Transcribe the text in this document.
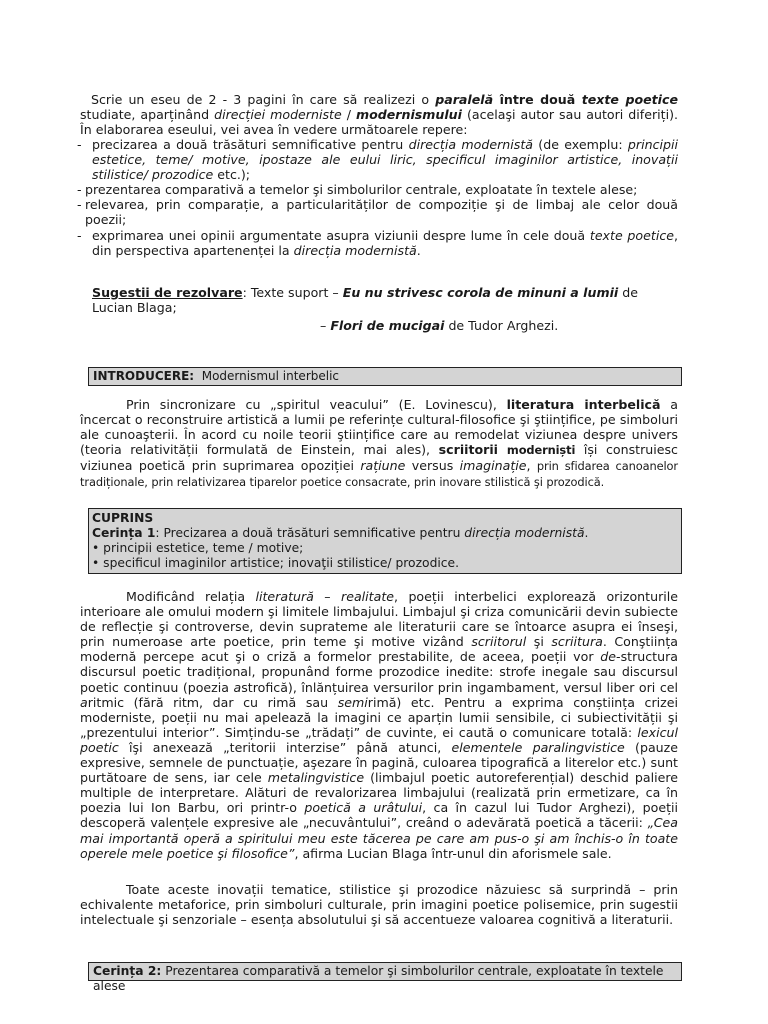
Scrie un eseu de 2 - 3 pagini în care să realizezi o paralelă între două texte poetice studiate, aparținând direcției moderniste / modernismului (acelaşi autor sau autori diferiți). În elaborarea eseului, vei avea în vedere următoarele repere:
- precizarea a două trăsături semnificative pentru direcția modernistă (de exemplu: principii estetice, teme/ motive, ipostaze ale eului liric, specificul imaginilor artistice, inovații stilistice/ prozodice etc.);
- prezentarea comparativă a temelor şi simbolurilor centrale, exploatate în textele alese;
- relevarea, prin comparație, a particularităților de compoziție şi de limbaj ale celor două poezii;
- exprimarea unei opinii argumentate asupra viziunii despre lume în cele două texte poetice, din perspectiva apartenenței la direcția modernistă.
Sugestii de rezolvare: Texte suport – Eu nu strivesc corola de minuni a lumii de Lucian Blaga;
– Flori de mucigai de Tudor Arghezi.
INTRODUCERE: Modernismul interbelic
Prin sincronizare cu „spiritul veacului” (E. Lovinescu), literatura interbelică a încercat o reconstruire artistică a lumii pe referințe cultural-filosofice şi ştiințifice, pe simboluri ale cunoaşterii. În acord cu noile teorii ştiințifice care au remodelat viziunea despre univers (teoria relativității formulată de Einstein, mai ales), scriitorii moderniști își construiesc viziunea poetică prin suprimarea opoziției rațiune versus imaginație, prin sfidarea canoanelor tradiționale, prin relativizarea tiparelor poetice consacrate, prin inovare stilistică şi prozodică.
CUPRINS
Cerința 1: Precizarea a două trăsături semnificative pentru direcția modernistă.
• principii estetice, teme / motive;
• specificul imaginilor artistice; inovaţii stilistice/ prozodice.
Modificând relația literatură – realitate, poeții interbelici explorează orizonturile interioare ale omului modern şi limitele limbajului. Limbajul şi criza comunicării devin subiecte de reflecție şi controverse, devin supratеme ale literaturii care se întoarce asupra ei însеşi, prin numeroase arte poetice, prin teme şi motive vizând scriitorul şi scriitura. Conştiința modernă percepe acut şi o criză a formelor prestabilite, de aceea, poeții vor de-structura discursul poetic tradițional, propunând forme prozodice inedite: strofe inegale sau discursul poetic continuu (poezia astrofică), înlănțuirea versurilor prin ingambament, versul liber ori cel aritmic (fără ritm, dar cu rimă sau semirimă) etc. Pentru a exprima conștiința crizei moderniste, poeții nu mai apelează la imagini ce aparțin lumii sensibile, ci subiectivității şi „prezentului interior”. Simțindu-se „trădați” de cuvinte, ei caută o comunicare totală: lexicul poetic îşi anexează „teritorii interzise” până atunci, elementele paralingvistice (pauze expresive, semnele de punctuație, aşezare în pagină, culoarea tipografică a literelor etc.) sunt purtătoare de sens, iar cele metalingvistice (limbajul poetic autoreferențial) deschid paliere multiple de interpretare. Alături de revalorizarea limbajului (realizată prin ermetizare, ca în poezia lui Ion Barbu, ori printr-o poetică a urâtului, ca în cazul lui Tudor Arghezi), poeții descoperă valențele expresive ale „necuvântului”, creând o adevărată poetică a tăcerii: „Cea mai importantă operă a spiritului meu este tăcerea pe care am pus-o şi am închis-o în toate operele mele poetice şi filosofice”, afirma Lucian Blaga într-unul din aforismele sale.
Toate aceste inovații tematice, stilistice şi prozodice năzuiesc să surprindă – prin echivalente metaforice, prin simboluri culturale, prin imagini poetice polisemice, prin sugestii intelectuale şi senzoriale – esența absolutului şi să accentueze valoarea cognitivă a literaturii.
Cerința 2: Prezentarea comparativă a temelor şi simbolurilor centrale, exploatate în textele alese
